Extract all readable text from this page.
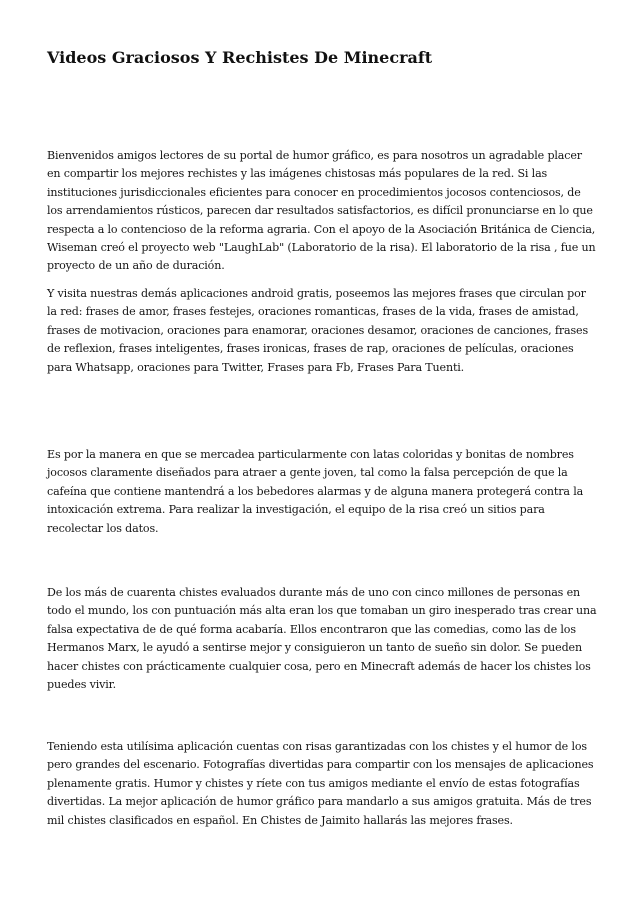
Videos Graciosos Y Rechistes De Minecraft

Bienvenidos amigos lectores de su portal de humor gráfico, es para nosotros un agradable placer en compartir los mejores rechistes y las imágenes chistosas más populares de la red. Si las instituciones jurisdiccionales eficientes para conocer en procedimientos jocosos contenciosos, de los arrendamientos rústicos, parecen dar resultados satisfactorios, es difícil pronunciarse en lo que respecta a lo contencioso de la reforma agraria. Con el apoyo de la Asociación Británica de Ciencia, Wiseman creó el proyecto web "LaughLab" (Laboratorio de la risa). El laboratorio de la risa , fue un proyecto de un año de duración.

Y visita nuestras demás aplicaciones android gratis, poseemos las mejores frases que circulan por la red: frases de amor, frases festejes, oraciones romanticas, frases de la vida, frases de amistad, frases de motivacion, oraciones para enamorar, oraciones desamor, oraciones de canciones, frases de reflexion, frases inteligentes, frases ironicas, frases de rap, oraciones de películas, oraciones para Whatsapp, oraciones para Twitter, Frases para Fb, Frases Para Tuenti.

Es por la manera en que se mercadea particularmente con latas coloridas y bonitas de nombres jocosos claramente diseñados para atraer a gente joven, tal como la falsa percepción de que la cafeína que contiene mantendrá a los bebedores alarmas y de alguna manera protegerá contra la intoxicación extrema. Para realizar la investigación, el equipo de la risa creó un sitios para recolectar los datos.

De los más de cuarenta chistes evaluados durante más de uno con cinco millones de personas en todo el mundo, los con puntuación más alta eran los que tomaban un giro inesperado tras crear una falsa expectativa de de qué forma acabaría. Ellos encontraron que las comedias, como las de los Hermanos Marx, le ayudó a sentirse mejor y consiguieron un tanto de sueño sin dolor. Se pueden hacer chistes con prácticamente cualquier cosa, pero en Minecraft además de hacer los chistes los puedes vivir.

Teniendo esta utilísima aplicación cuentas con risas garantizadas con los chistes y el humor de los pero grandes del escenario. Fotografías divertidas para compartir con los mensajes de aplicaciones plenamente gratis. Humor y chistes y ríete con tus amigos mediante el envío de estas fotografías divertidas. La mejor aplicación de humor gráfico para mandarlo a sus amigos gratuita. Más de tres mil chistes clasificados en español. En Chistes de Jaimito hallarás las mejores frases.
